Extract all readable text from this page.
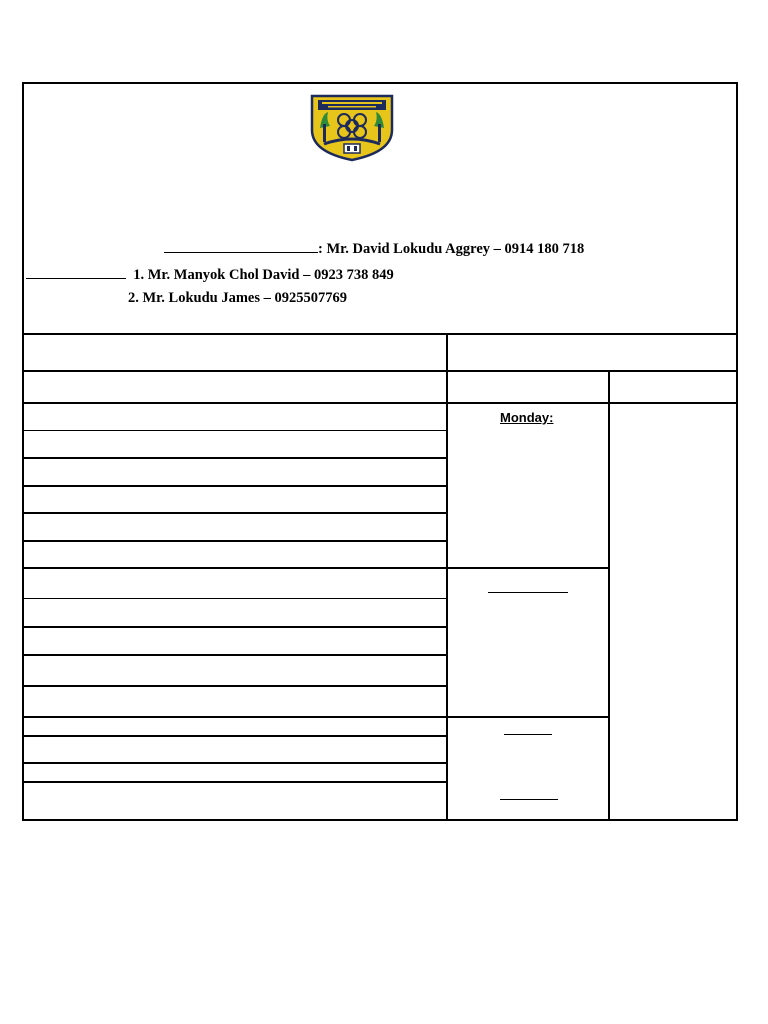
: Mr. David Lokudu Aggrey – 0914 180 718
1. Mr. Manyok Chol David – 0923 738 849
2. Mr. Lokudu James – 0925507769
Monday:
